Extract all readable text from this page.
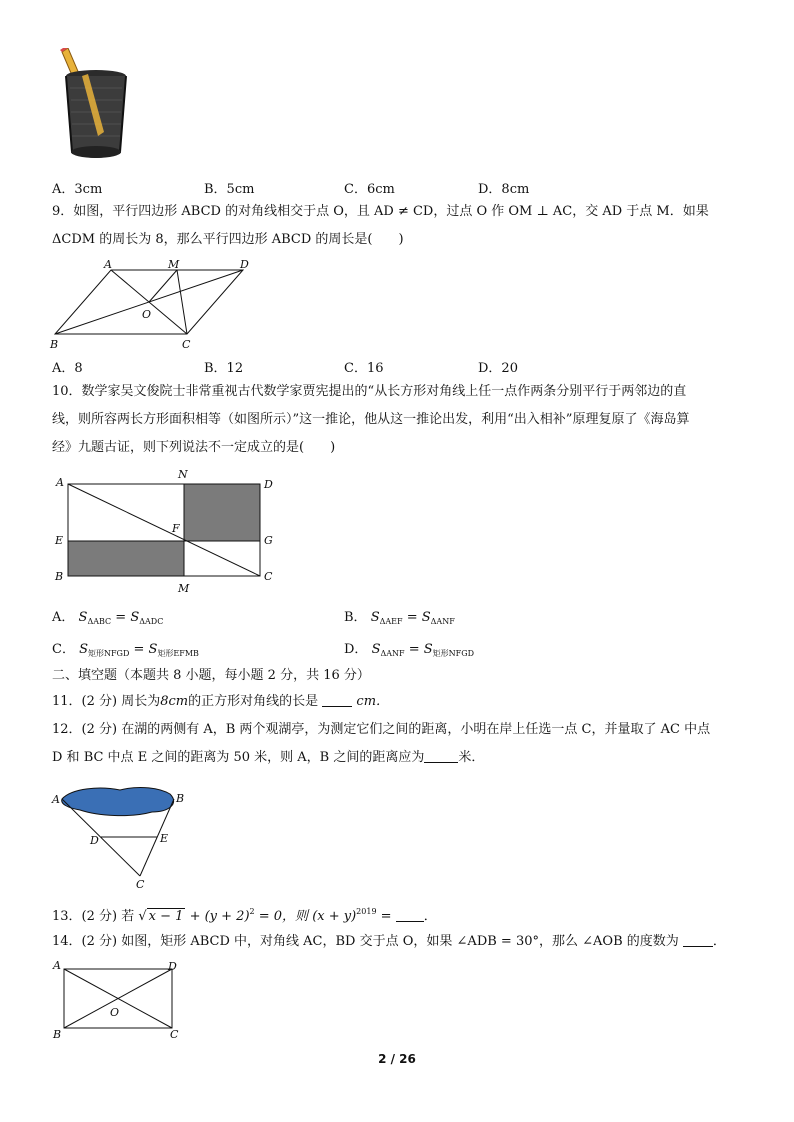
A．3cm	B．5cm	C．6cm	D．8cm
9．如图，平行四边形 ABCD 的对角线相交于点 O，且 AD ≠ CD，过点 O 作 OM ⊥ AC，交 AD 于点 M．如果
ΔCDM 的周长为 8，那么平行四边形 ABCD 的周长是(　　)
A	M	D
O
B	C
A．8	B．12	C．16	D．20
10．数学家吴文俊院士非常重视古代数学家贾宪提出的“从长方形对角线上任一点作两条分别平行于两邻边的直
线，则所容两长方形面积相等（如图所示）”这一推论，他从这一推论出发，利用“出入相补”原理复原了《海岛算
经》九题古证，则下列说法不一定成立的是(　　)
A
N
D
F
E	G
B
M
C
A． $S_{\Delta ABC} = S_{\Delta ADC}$	B． $S_{\Delta AEF} = S_{\Delta ANF}$
C． $S_{矩形NFGD} = S_{矩形EFMB}$	D． $S_{\Delta ANF} = S_{矩形NFGD}$
二、填空题（本题共 8 小题，每小题 2 分，共 16 分）
11．(2 分) 周长为8cm的正方形对角线的长是	cm．
12．(2 分) 在湖的两侧有 A，B 两个观湖亭，为测定它们之间的距离，小明在岸上任选一点 C，并量取了 AC 中点
D 和 BC 中点 E 之间的距离为 50 米，则 A，B 之间的距离应为	米．
A	B
D	E
C
13．(2 分) 若 √ $x - 1 + (y + 2)^2 = 0$，则 $(x + y)^{2019}$ = ．
14．(2 分) 如图，矩形 ABCD 中，对角线 AC，BD 交于点 O，如果 ∠ADB = 30°，那么 ∠AOB 的度数为	．
A	D
O
B	C
2 / 26
